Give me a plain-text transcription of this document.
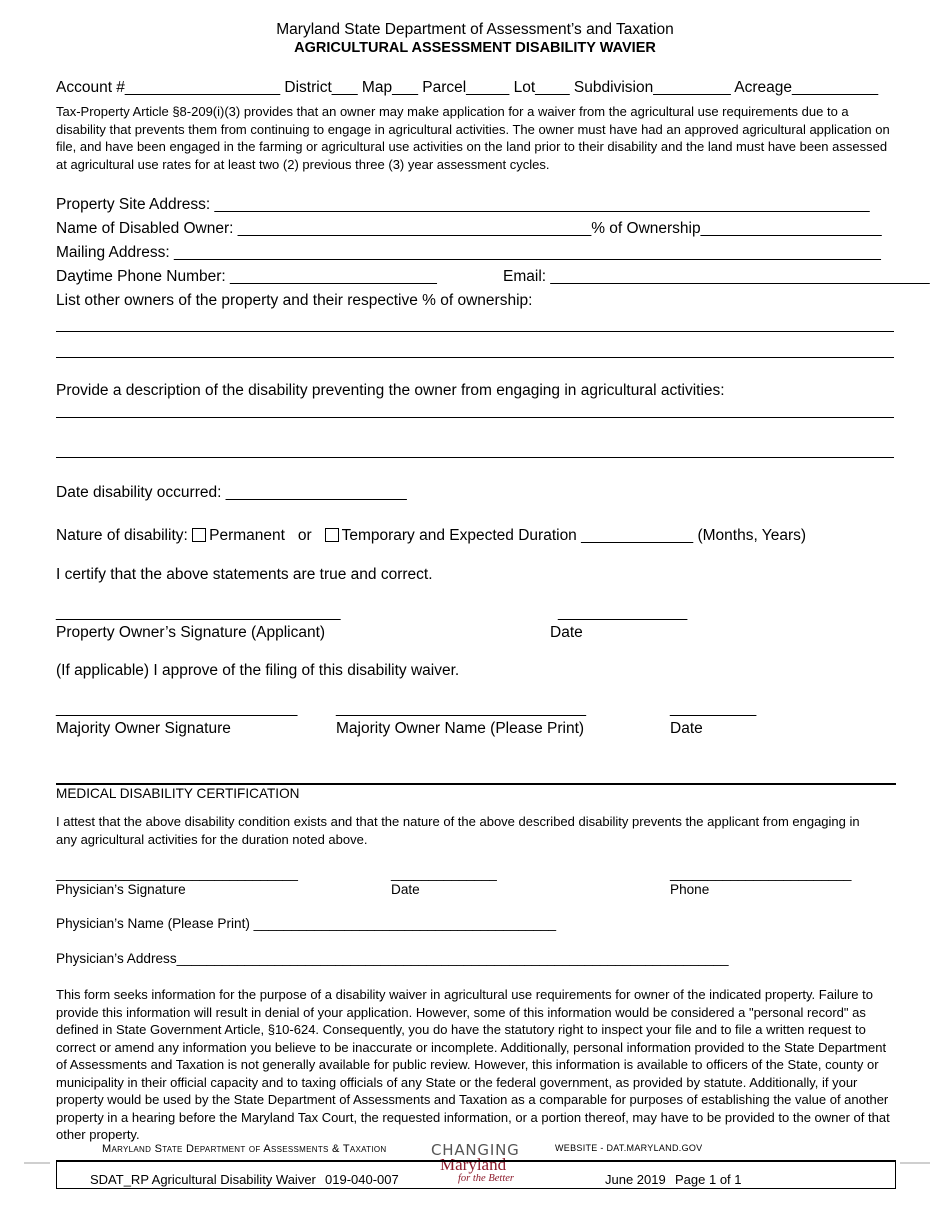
Maryland State Department of Assessment’s and Taxation
AGRICULTURAL ASSESSMENT DISABILITY WAVIER
Account #__________________ District___ Map___ Parcel_____ Lot____ Subdivision_________ Acreage__________
Tax-Property Article §8-209(i)(3) provides that an owner may make application for a waiver from the agricultural use requirements due to a disability that prevents them from continuing to engage in agricultural activities. The owner must have had an approved agricultural application on file, and have been engaged in the farming or agricultural use activities on the land prior to their disability and the land must have been assessed at agricultural use rates for at least two (2) previous three (3) year assessment cycles.
Property Site Address: ____________________________________________________________________________
Name of Disabled Owner: _________________________________________% of Ownership_____________________
Mailing Address: __________________________________________________________________________________
Daytime Phone Number: ________________________	Email: ____________________________________________
List other owners of the property and their respective % of ownership:
Provide a description of the disability preventing the owner from engaging in agricultural activities:
Date disability occurred: _____________________
Nature of disability: Permanent or Temporary and Expected Duration _____________ (Months, Years)
I certify that the above statements are true and correct.
_________________________________	_______________
Property Owner’s Signature (Applicant)	Date
(If applicable) I approve of the filing of this disability waiver.
____________________________ _____________________________	__________
Majority Owner Signature	Majority Owner Name (Please Print)	Date
MEDICAL DISABILITY CERTIFICATION
I attest that the above disability condition exists and that the nature of the above described disability prevents the applicant from engaging in any agricultural activities for the duration noted above.
________________________________	______________	________________________
Physician’s Signature	Date	Phone
Physician’s Name (Please Print) ________________________________________
Physician’s Address_________________________________________________________________________
This form seeks information for the purpose of a disability waiver in agricultural use requirements for owner of the indicated property. Failure to provide this information will result in denial of your application. However, some of this information would be considered a "personal record" as defined in State Government Article, §10-624. Consequently, you do have the statutory right to inspect your file and to file a written request to correct or amend any information you believe to be inaccurate or incomplete. Additionally, personal information provided to the State Department of Assessments and Taxation is not generally available for public review. However, this information is available to officers of the State, county or municipality in their official capacity and to taxing officials of any State or the federal government, as provided by statute. Additionally, if your property would be used by the State Department of Assessments and Taxation as a comparable for purposes of establishing the value of another property in a hearing before the Maryland Tax Court, the requested information, or a portion thereof, may have to be provided to the owner of that other property.
Maryland State Department of Assessments & Taxation	CHANGING
Maryland
for the Better
WEBSITE - DAT.MARYLAND.GOV
SDAT_RP Agricultural Disability Waiver 019-040-007	June 2019 Page 1 of 1
